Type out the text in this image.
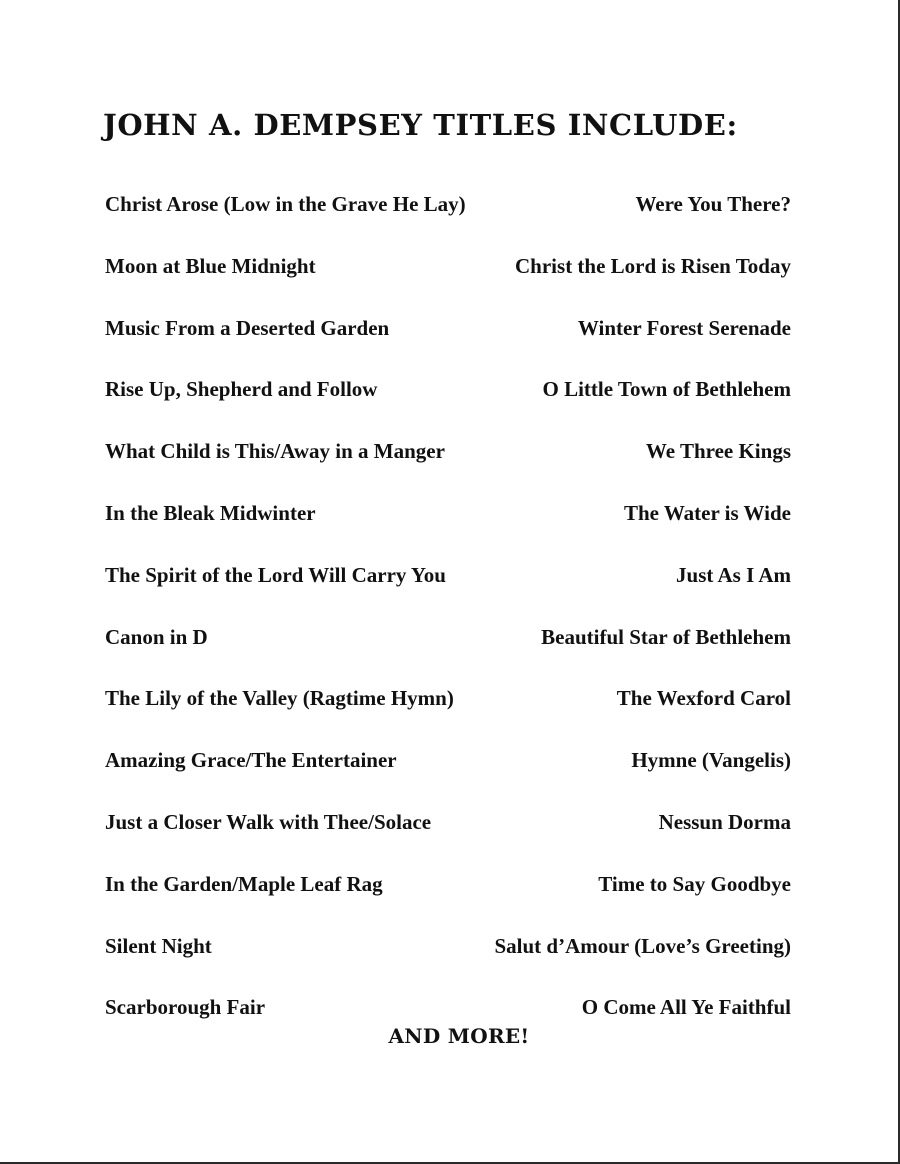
JOHN A. DEMPSEY TITLES INCLUDE:
Christ Arose (Low in the Grave He Lay)	Were You There?
Moon at Blue Midnight	Christ the Lord is Risen Today
Music From a Deserted Garden	Winter Forest Serenade
Rise Up, Shepherd and Follow	O Little Town of Bethlehem
What Child is This/Away in a Manger	We Three Kings
In the Bleak Midwinter	The Water is Wide
The Spirit of the Lord Will Carry You	Just As I Am
Canon in D	Beautiful Star of Bethlehem
The Lily of the Valley (Ragtime Hymn)	The Wexford Carol
Amazing Grace/The Entertainer	Hymne (Vangelis)
Just a Closer Walk with Thee/Solace	Nessun Dorma
In the Garden/Maple Leaf Rag	Time to Say Goodbye
Silent Night	Salut d’Amour (Love’s Greeting)
Scarborough Fair	O Come All Ye Faithful
AND MORE!
